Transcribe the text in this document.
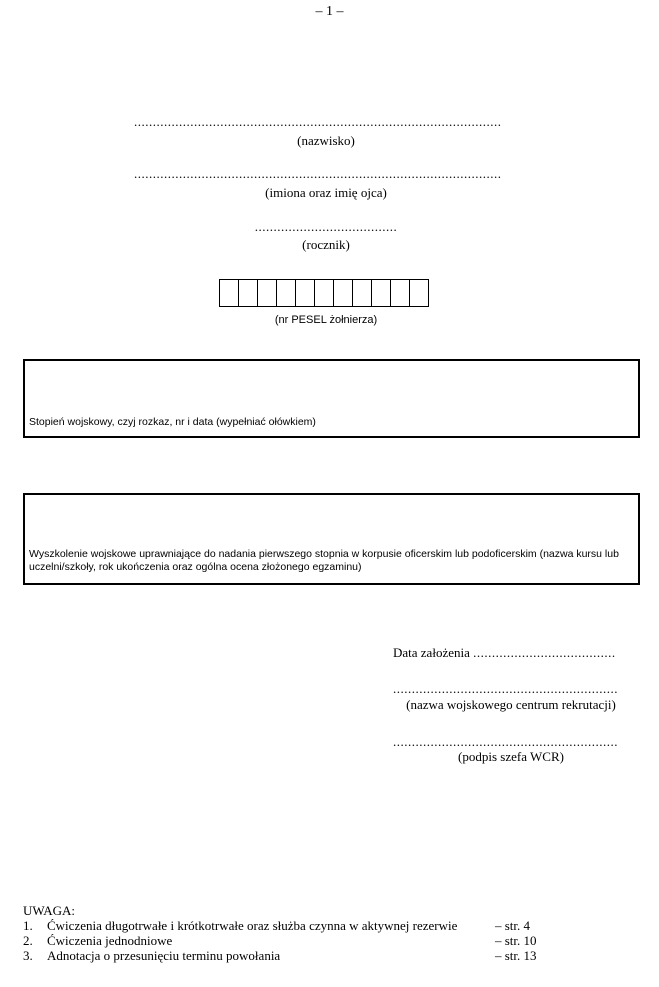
– 1 –
..................................................................................................
(nazwisko)
..................................................................................................
(imiona oraz imię ojca)
......................................
(rocznik)
(nr PESEL żołnierza)
Stopień wojskowy, czyj rozkaz, nr i data (wypełniać ołówkiem)
Wyszkolenie wojskowe uprawniające do nadania pierwszego stopnia w korpusie oficerskim lub podoficerskim (nazwa kursu lub uczelni/szkoły, rok ukończenia oraz ogólna ocena złożonego egzaminu)
Data założenia ......................................
............................................................
(nazwa wojskowego centrum rekrutacji)
............................................................
(podpis szefa WCR)
UWAGA:
1. Ćwiczenia długotrwałe i krótkotrwałe oraz służba czynna w aktywnej rezerwie	– str. 4
2. Ćwiczenia jednodniowe	– str. 10
3. Adnotacja o przesunięciu terminu powołania	– str. 13
